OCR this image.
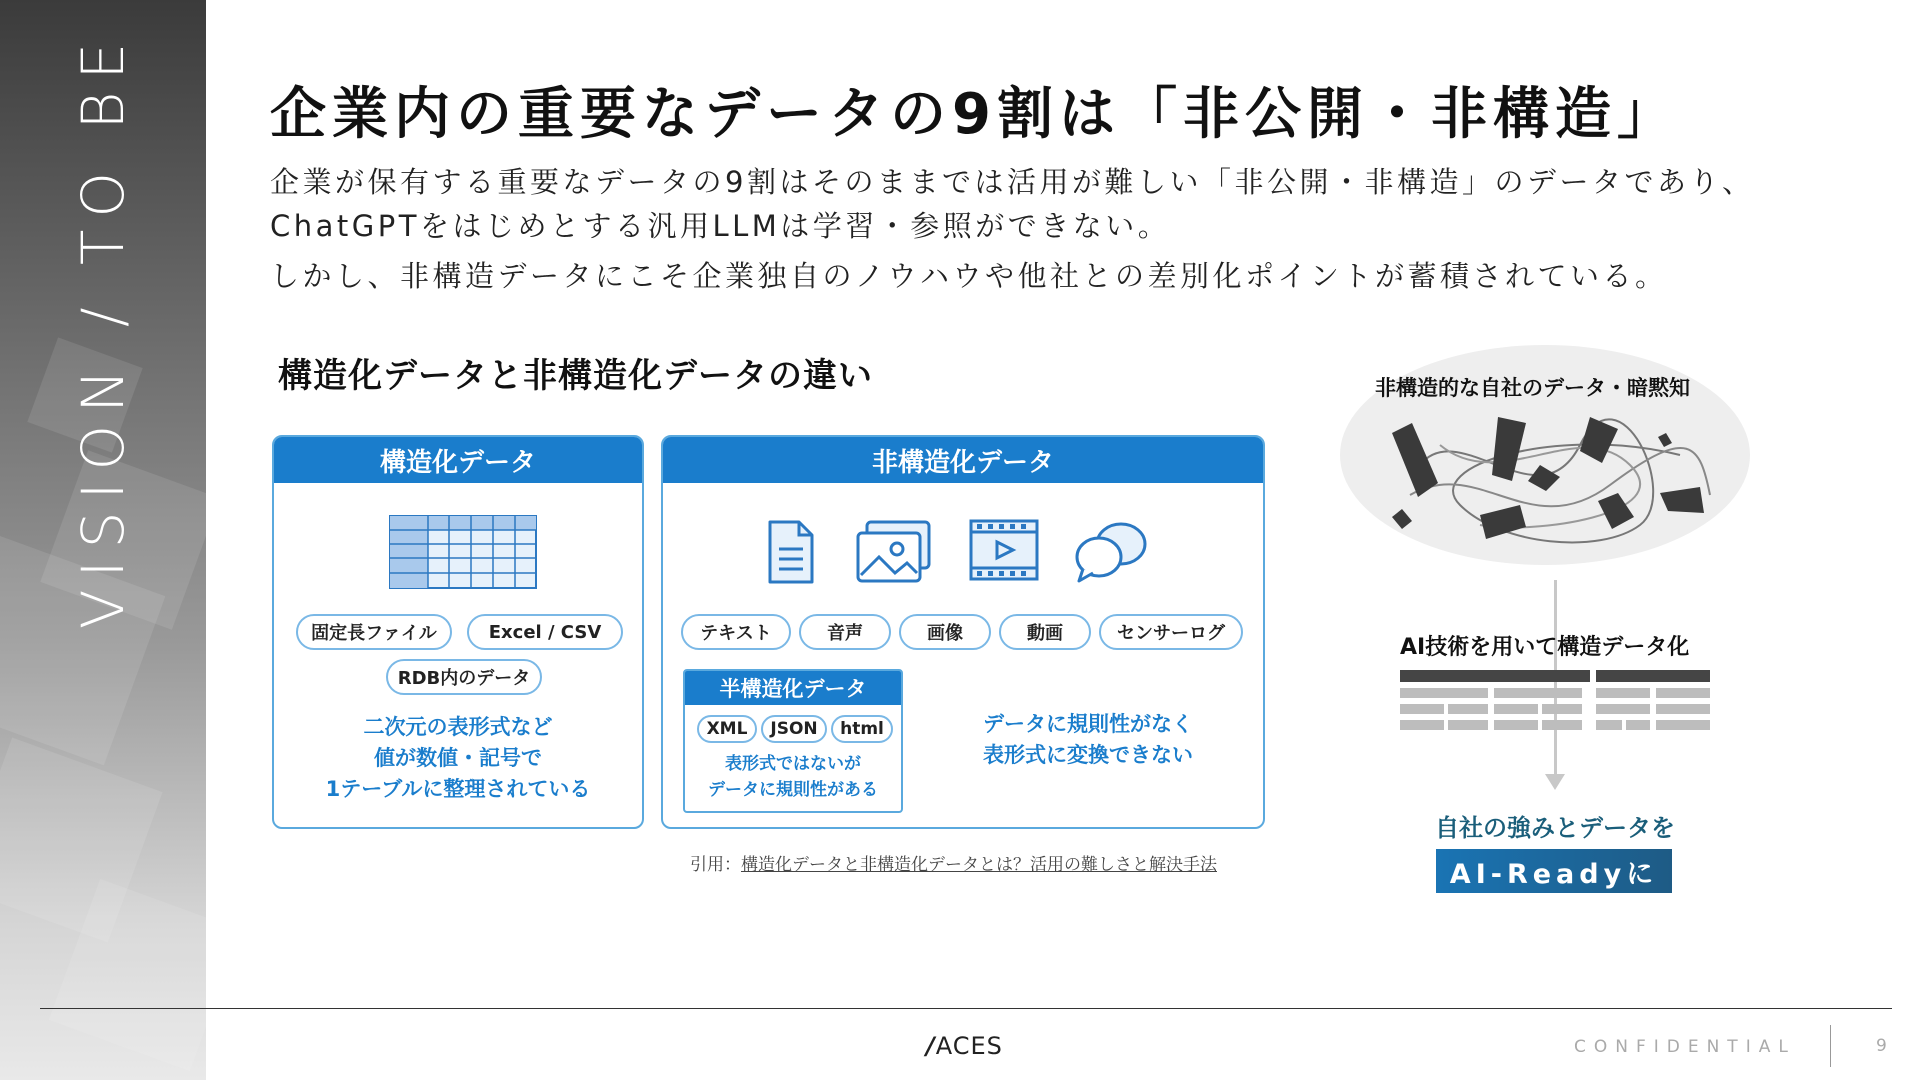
VISION / TO BE 企業内の重要なデータの9割は「非公開・非構造」

企業が保有する重要なデータの9割はそのままでは活用が難しい「非公開・非構造」のデータであり、ChatGPTをはじめとする汎用LLMは学習・参照ができない。

しかし、非構造データにこそ企業独自のノウハウや他社との差別化ポイントが蓄積されている。

構造化データと非構造化データの違い
構造化データ
固定長ファイル	Excel / CSV
RDB内のデータ
二次元の表形式など
値が数値・記号で
1テーブルに整理されている
非構造化データ
テキスト	音声	画像	動画	センサーログ
半構造化データ
XML	JSON	html
表形式ではないが
データに規則性がある
データに規則性がなく
表形式に変換できない
引用：構造化データと非構造化データとは？活用の難しさと解決手法
非構造的な自社のデータ・暗黙知
AI技術を用いて構造データ化
自社の強みとデータを
AI-Readyに
/ACES	CONFIDENTIAL	9
